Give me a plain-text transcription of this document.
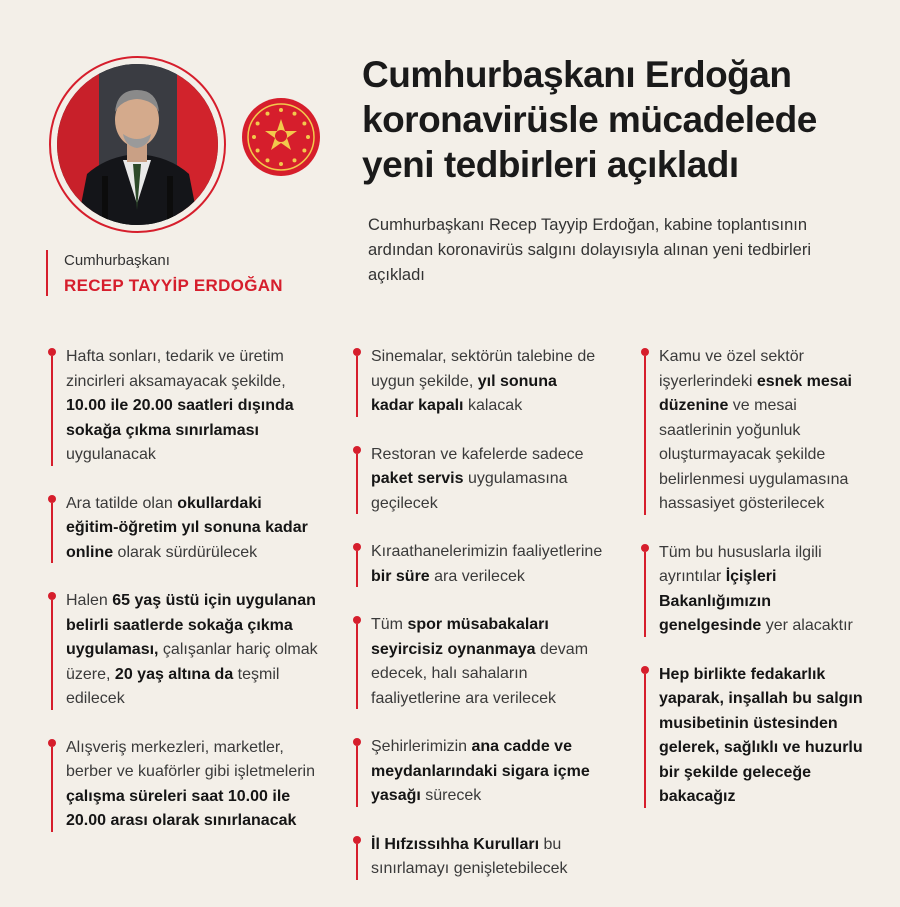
Cumhurbaşkanı
RECEP TAYYİP ERDOĞAN
Cumhurbaşkanı Erdoğan
koronavirüsle mücadelede
yeni tedbirleri açıkladı

Cumhurbaşkanı Recep Tayyip Erdoğan, kabine toplantısının ardından koronavirüs salgını dolayısıyla alınan yeni tedbirleri açıkladı

Hafta sonları, tedarik ve üretim zincirleri aksamayacak şekilde, 10.00 ile 20.00 saatleri dışında sokağa çıkma sınırlaması uygulanacak
Ara tatilde olan okullardaki eğitim-öğretim yıl sonuna kadar online olarak sürdürülecek
Halen 65 yaş üstü için uygulanan belirli saatlerde sokağa çıkma uygulaması, çalışanlar hariç olmak üzere, 20 yaş altına da teşmil edilecek
Alışveriş merkezleri, marketler, berber ve kuaförler gibi işletmelerin çalışma süreleri saat 10.00 ile 20.00 arası olarak sınırlanacak
Sinemalar, sektörün talebine de uygun şekilde, yıl sonuna kadar kapalı kalacak
Restoran ve kafelerde sadece paket servis uygulamasına geçilecek
Kıraathanelerimizin faaliyetlerine bir süre ara verilecek
Tüm spor müsabakaları seyircisiz oynanmaya devam edecek, halı sahaların faaliyetlerine ara verilecek
Şehirlerimizin ana cadde ve meydanlarındaki sigara içme yasağı sürecek
İl Hıfzıssıhha Kurulları bu sınırlamayı genişletebilecek
Kamu ve özel sektör işyerlerindeki esnek mesai düzenine ve mesai saatlerinin yoğunluk oluşturmayacak şekilde belirlenmesi uygulamasına hassasiyet gösterilecek
Tüm bu hususlarla ilgili ayrıntılar İçişleri Bakanlığımızın genelgesinde yer alacaktır
Hep birlikte fedakarlık yaparak, inşallah bu salgın musibetinin üstesinden gelerek, sağlıklı ve huzurlu bir şekilde geleceğe bakacağız
